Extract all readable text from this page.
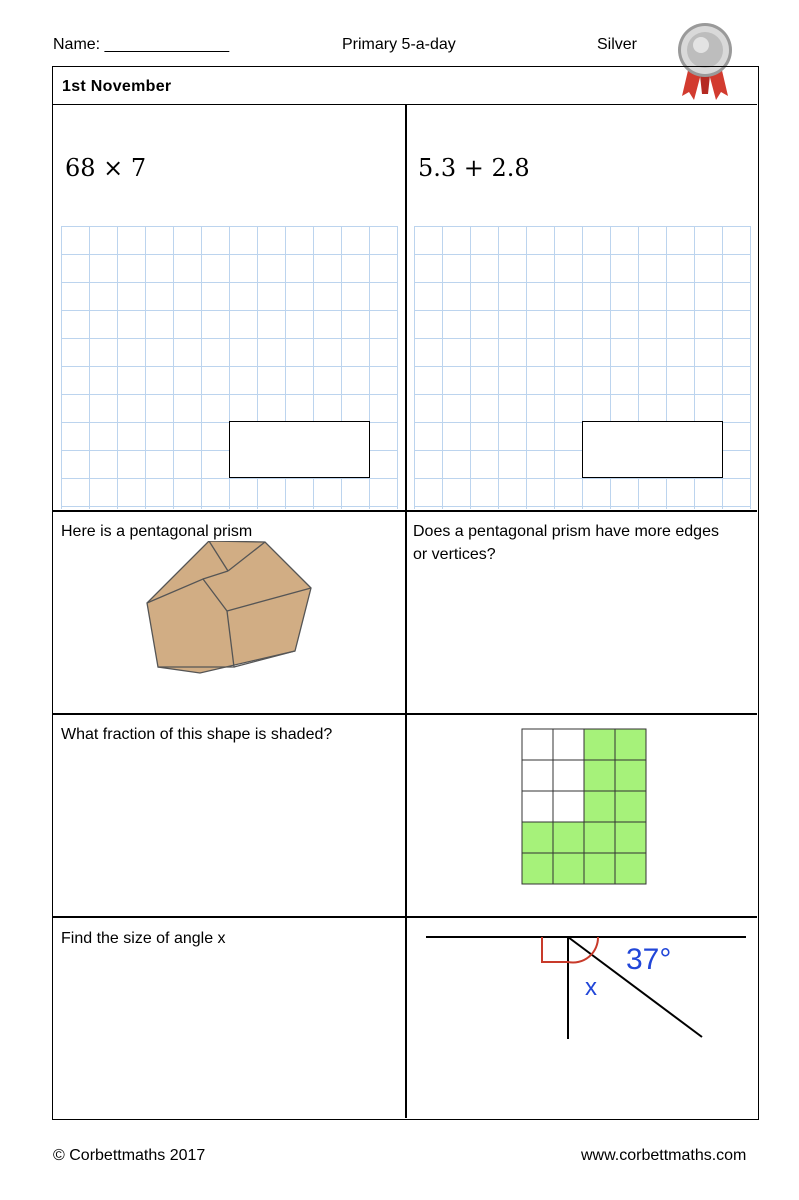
Name: ______________	Primary 5-a-day	Silver
1st November
68 × 7	5.3 + 2.8
Here is a pentagonal prism	Does a pentagonal prism have more edges or vertices?
What fraction of this shape is shaded?
Find the size of angle x
37°
x
© Corbettmaths 2017	www.corbettmaths.com
